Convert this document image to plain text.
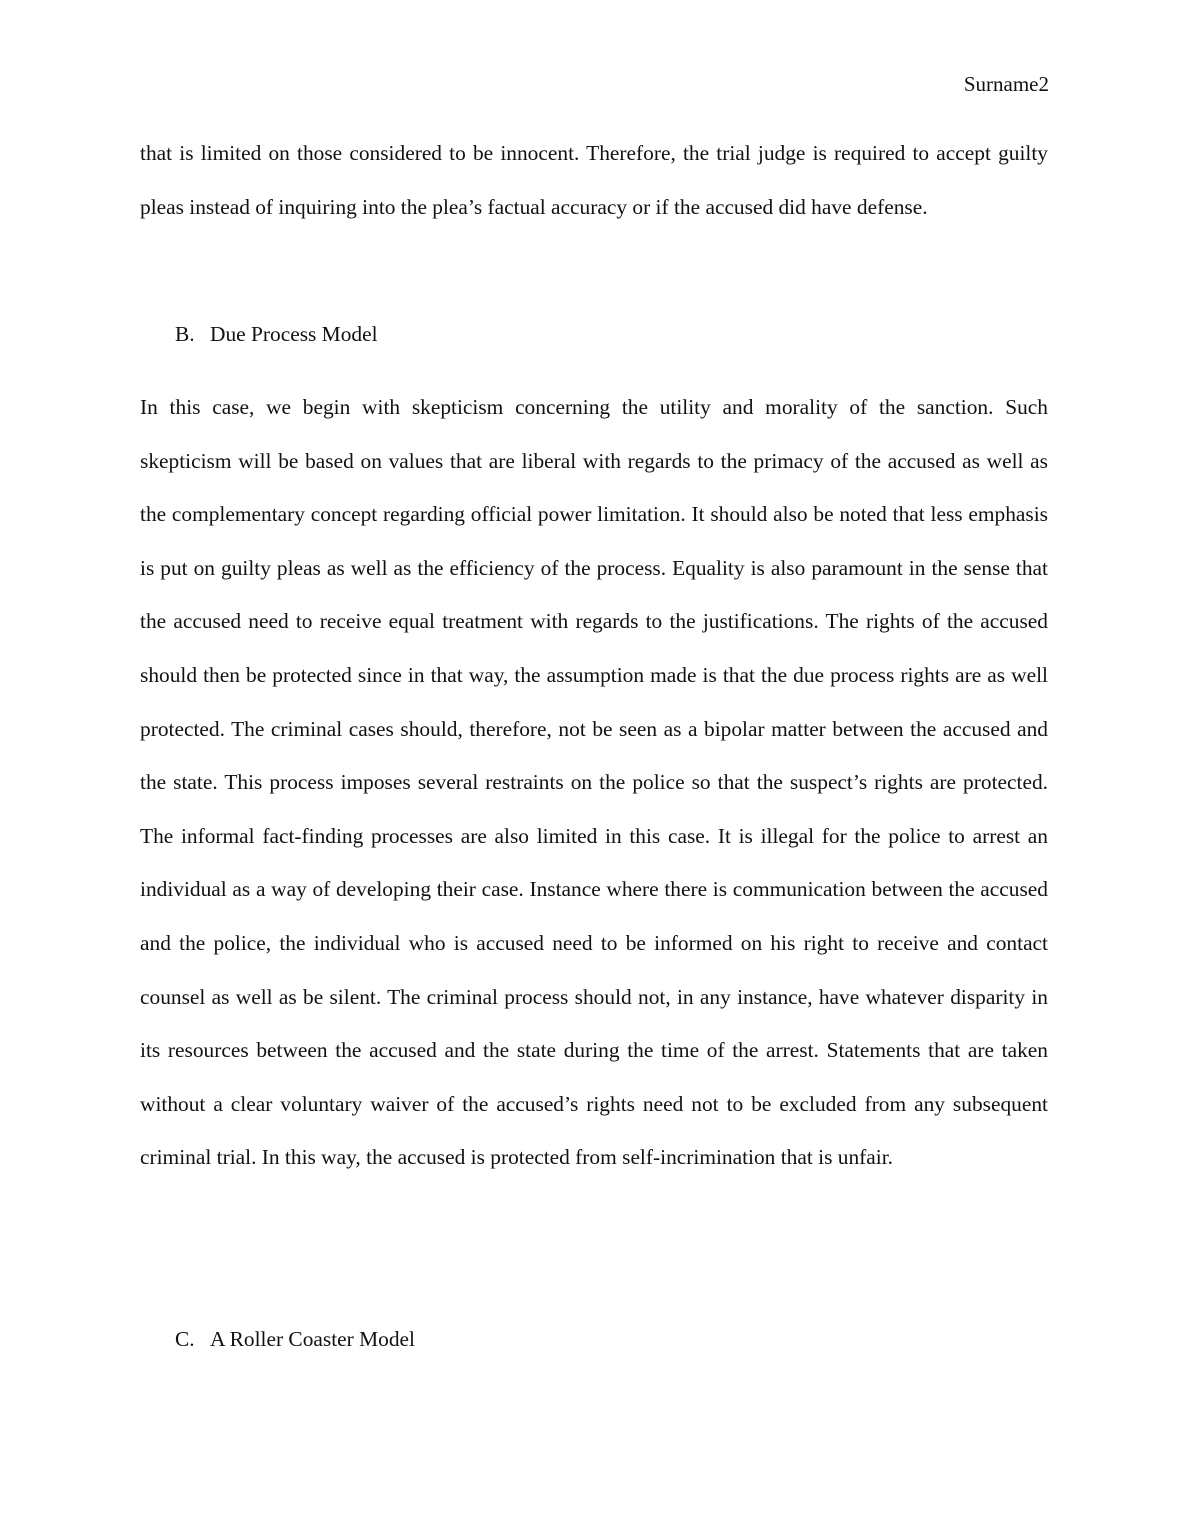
Surname2

that is limited on those considered to be innocent. Therefore, the trial judge is required to accept guilty pleas instead of inquiring into the plea’s factual accuracy or if the accused did have defense.

B. Due Process Model

In this case, we begin with skepticism concerning the utility and morality of the sanction. Such skepticism will be based on values that are liberal with regards to the primacy of the accused as well as the complementary concept regarding official power limitation. It should also be noted that less emphasis is put on guilty pleas as well as the efficiency of the process. Equality is also paramount in the sense that the accused need to receive equal treatment with regards to the justifications. The rights of the accused should then be protected since in that way, the assumption made is that the due process rights are as well protected. The criminal cases should, therefore, not be seen as a bipolar matter between the accused and the state. This process imposes several restraints on the police so that the suspect’s rights are protected. The informal fact-finding processes are also limited in this case. It is illegal for the police to arrest an individual as a way of developing their case. Instance where there is communication between the accused and the police, the individual who is accused need to be informed on his right to receive and contact counsel as well as be silent. The criminal process should not, in any instance, have whatever disparity in its resources between the accused and the state during the time of the arrest. Statements that are taken without a clear voluntary waiver of the accused’s rights need not to be excluded from any subsequent criminal trial. In this way, the accused is protected from self-incrimination that is unfair.

C. A Roller Coaster Model
